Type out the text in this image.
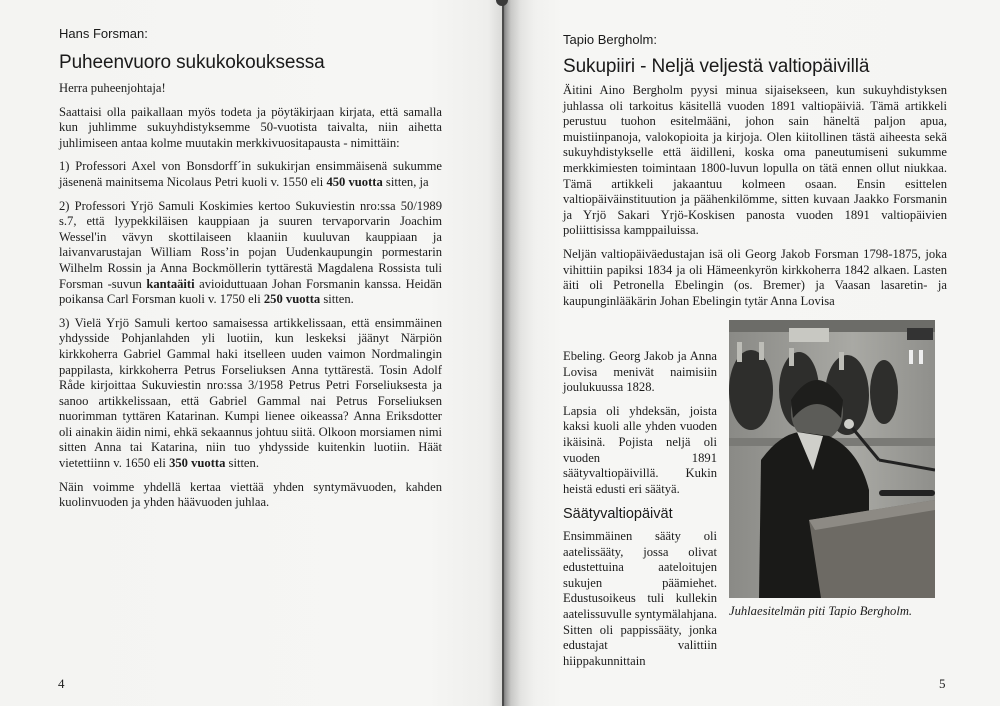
Hans Forsman:
Puheenvuoro sukukokouksessa

Herra puheenjohtaja!

Saattaisi olla paikallaan myös todeta ja pöytäkirjaan kirjata, että samalla kun juhlimme sukuyhdistyksemme 50-vuotista taivalta, niin aihetta juhlimiseen antaa kolme muutakin merkkivuositapausta - nimittäin:

1) Professori Axel von Bonsdorff´in sukukirjan ensimmäisenä sukumme jäsenenä mainitsema Nicolaus Petri kuoli v. 1550 eli 450 vuotta sitten, ja

2) Professori Yrjö Samuli Koskimies kertoo Sukuviestin nro:ssa 50/1989 s.7, että lyypekkiläisen kauppiaan ja suuren tervaporvarin Joachim Wessel'in vävyn skottilaiseen klaaniin kuuluvan kauppiaan ja laivanvarustajan William Ross’in pojan Uudenkaupungin pormestarin Wilhelm Rossin ja Anna Bockmöllerin tyttärestä Magdalena Rossista tuli Forsman -suvun kantaäiti avioiduttuaan Johan Forsmanin kanssa. Heidän poikansa Carl Forsman kuoli v. 1750 eli 250 vuotta sitten.

3) Vielä Yrjö Samuli kertoo samaisessa artikkelissaan, että ensimmäinen yhdysside Pohjanlahden yli luotiin, kun leskeksi jäänyt Närpiön kirkkoherra Gabriel Gammal haki itselleen uuden vaimon Nordmalingin pappilasta, kirkkoherra Petrus Forseliuksen Anna tyttärestä. Tosin Adolf Råde kirjoittaa Sukuviestin nro:ssa 3/1958 Petrus Petri Forseliuksesta ja sanoo artikkelissaan, että Gabriel Gammal nai Petrus Forseliuksen nuorimman tyttären Katarinan. Kumpi lienee oikeassa? Anna Eriksdotter oli ainakin äidin nimi, ehkä sekaannus johtuu siitä. Olkoon morsiamen nimi sitten Anna tai Katarina, niin tuo yhdysside kuitenkin luotiin. Häät vietettiinn v. 1650 eli 350 vuotta sitten.

Näin voimme yhdellä kertaa viettää yhden syntymävuoden, kahden kuolinvuoden ja yhden häävuoden juhlaa.

4
Tapio Bergholm:
Sukupiiri - Neljä veljestä valtiopäivillä

Äitini Aino Bergholm pyysi minua sijaisekseen, kun sukuyhdistyksen juhlassa oli tarkoitus käsitellä vuoden 1891 valtiopäiviä. Tämä artikkeli perustuu tuohon esitelmääni, johon sain häneltä paljon apua, muistiinpanoja, valokopioita ja kirjoja. Olen kiitollinen tästä aiheesta sekä sukuyhdistykselle että äidilleni, koska oma paneutumiseni sukumme merkkimiesten toimintaan 1800-luvun lopulla on tätä ennen ollut niukkaa. Tämä artikkeli jakaantuu kolmeen osaan. Ensin esittelen valtiopäiväinstituution ja päähenkilömme, sitten kuvaan Jaakko Forsmanin ja Yrjö Sakari Yrjö-Koskisen panosta vuoden 1891 valtiopäivien poliittisissa kamppailuissa.

Neljän valtiopäiväedustajan isä oli Georg Jakob Forsman 1798-1875, joka vihittiin papiksi 1834 ja oli Hämeenkyrön kirkkoherra 1842 alkaen. Lasten äiti oli Petronella Ebelingin (os. Bremer) ja Vaasan lasaretin- ja kaupunginlääkärin Johan Ebelingin tytär Anna Lovisa

Ebeling. Georg Jakob ja Anna Lovisa menivät naimisiin joulukuussa 1828.

Lapsia oli yhdeksän, joista kaksi kuoli alle yhden vuoden ikäisinä. Pojista neljä oli vuoden 1891 säätyvaltiopäivillä. Kukin heistä edusti eri säätyä.

Säätyvaltiopäivät

Ensimmäinen sääty oli aatelissääty, jossa olivat edustettuina aateloitujen sukujen päämiehet. Edustusoikeus tuli kullekin aatelissuvulle syntymälahjana. Sitten oli pappissääty, jonka edustajat valittiin hiippakunnittain

5
Juhlaesitelmän piti Tapio Bergholm.
